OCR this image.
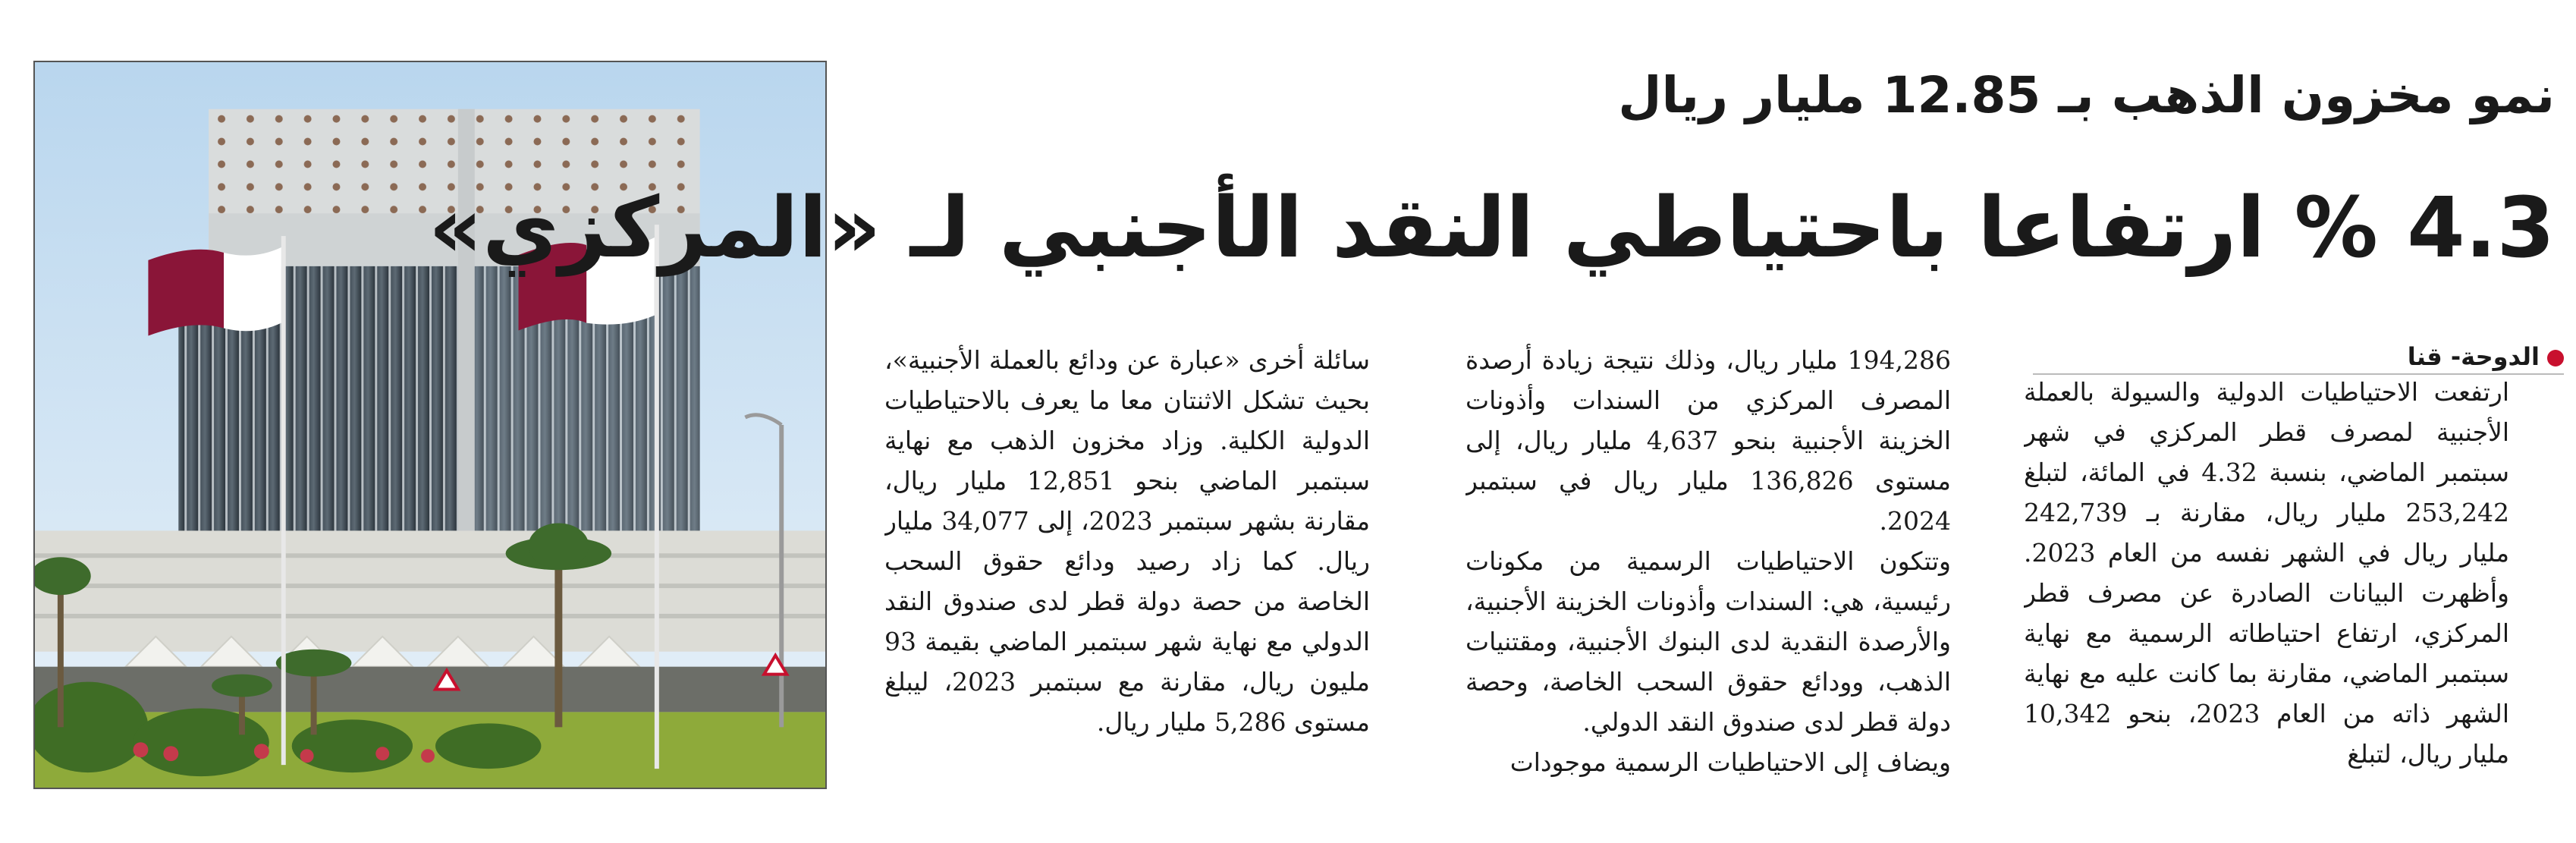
نمو مخزون الذهب بـ 12.85 مليار ريال
4.3 % ارتفاعا باحتياطي النقد الأجنبي لـ «المركزي»
الدوحة- قنا

ارتفعت الاحتياطيات الدولية والسيولة بالعملة الأجنبية لمصرف قطر المركزي في شهر سبتمبر الماضي، بنسبة 4.32 في المائة، لتبلغ 253,242 مليار ريال، مقارنة بـ 242,739 مليار ريال في الشهر نفسه من العام 2023. وأظهرت البيانات الصادرة عن مصرف قطر المركزي، ارتفاع احتياطاته الرسمية مع نهاية سبتمبر الماضي، مقارنة بما كانت عليه مع نهاية الشهر ذاته من العام 2023، بنحو 10,342 مليار ريال، لتبلغ

194,286 مليار ريال، وذلك نتيجة زيادة أرصدة المصرف المركزي من السندات وأذونات الخزينة الأجنبية بنحو 4,637 مليار ريال، إلى مستوى 136,826 مليار ريال في سبتمبر 2024.

وتتكون الاحتياطيات الرسمية من مكونات رئيسية، هي: السندات وأذونات الخزينة الأجنبية، والأرصدة النقدية لدى البنوك الأجنبية، ومقتنيات الذهب، وودائع حقوق السحب الخاصة، وحصة دولة قطر لدى صندوق النقد الدولي.

ويضاف إلى الاحتياطيات الرسمية موجودات

سائلة أخرى «عبارة عن ودائع بالعملة الأجنبية»، بحيث تشكل الاثنتان معا ما يعرف بالاحتياطيات الدولية الكلية. وزاد مخزون الذهب مع نهاية سبتمبر الماضي بنحو 12,851 مليار ريال، مقارنة بشهر سبتمبر 2023، إلى 34,077 مليار ريال. كما زاد رصيد ودائع حقوق السحب الخاصة من حصة دولة قطر لدى صندوق النقد الدولي مع نهاية شهر سبتمبر الماضي بقيمة 93 مليون ريال، مقارنة مع سبتمبر 2023، ليبلغ مستوى 5,286 مليار ريال.
